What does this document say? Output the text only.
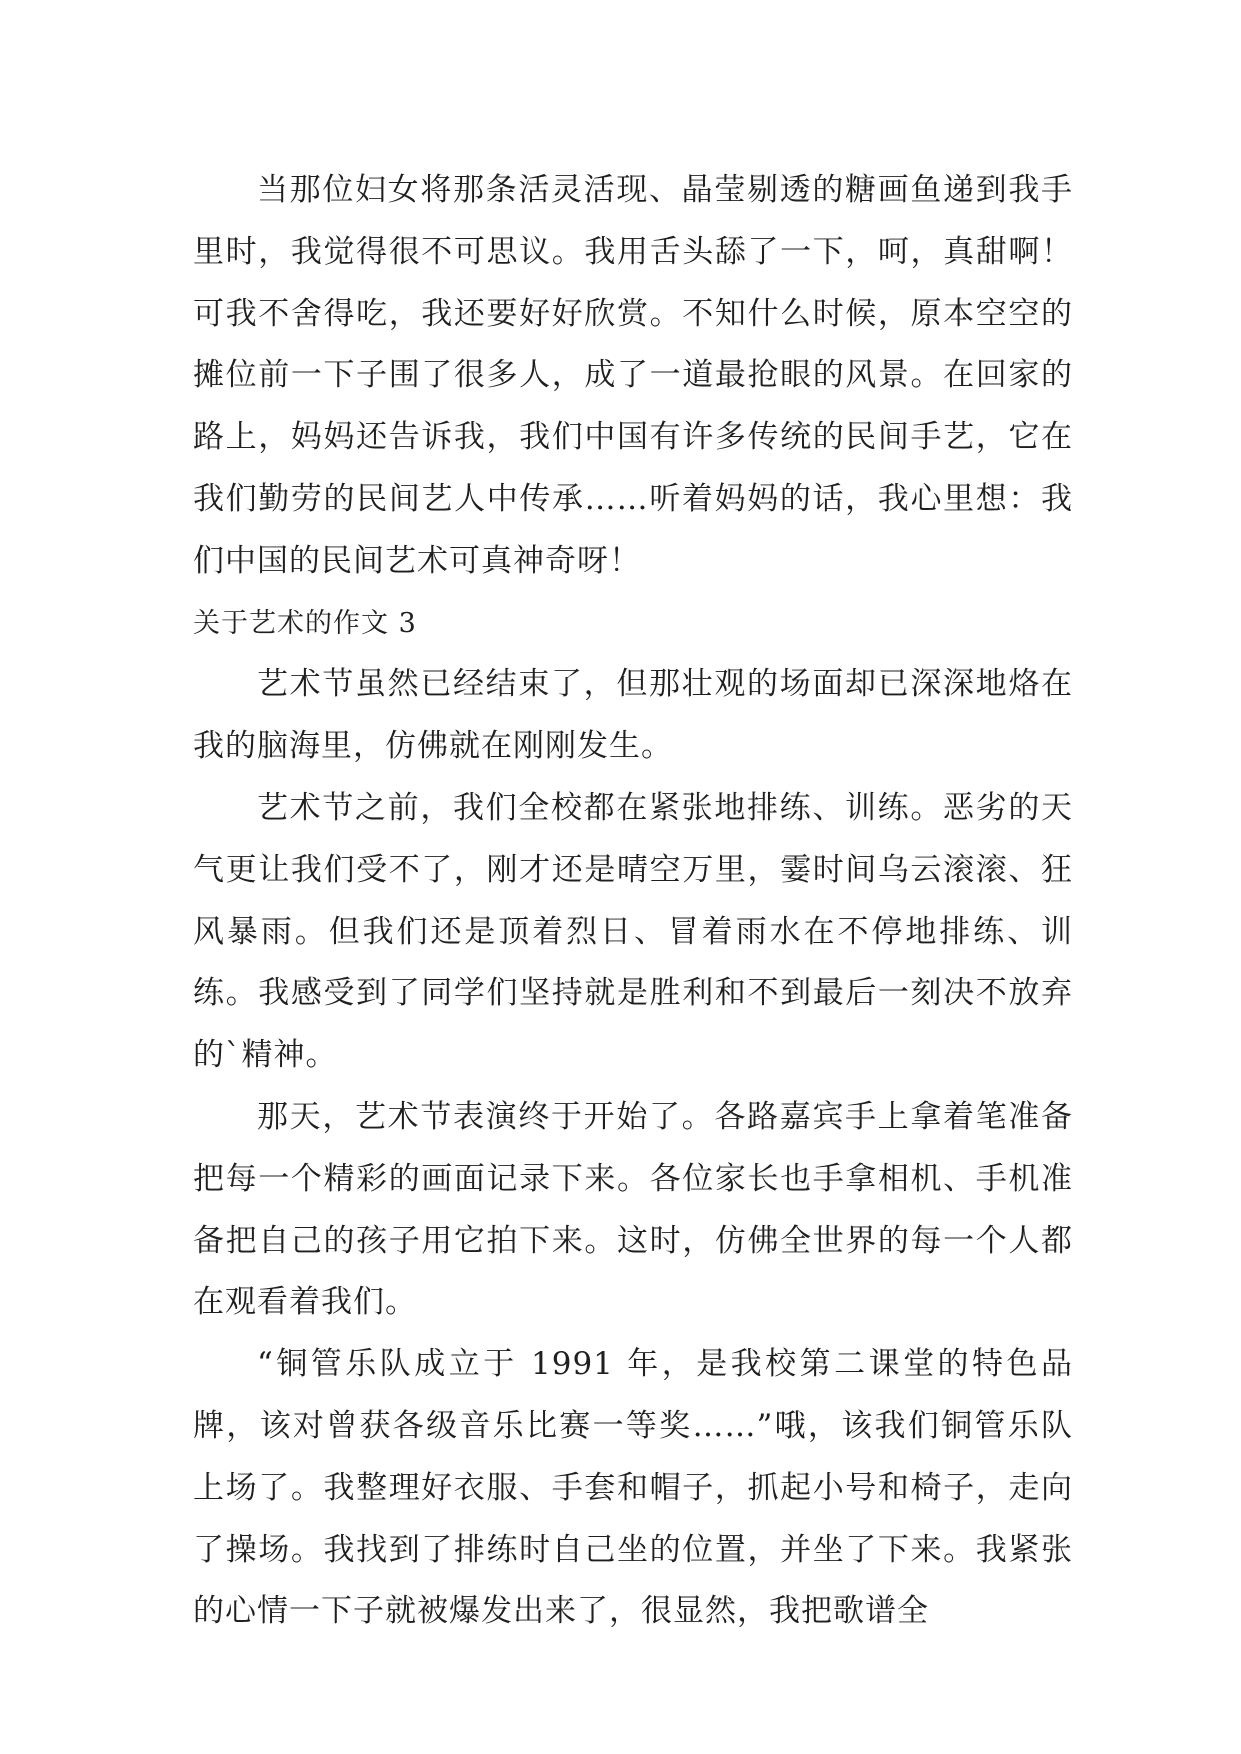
当那位妇女将那条活灵活现、晶莹剔透的糖画鱼递到我手里时，我觉得很不可思议。我用舌头舔了一下，呵，真甜啊！可我不舍得吃，我还要好好欣赏。不知什么时候，原本空空的摊位前一下子围了很多人，成了一道最抢眼的风景。在回家的路上，妈妈还告诉我，我们中国有许多传统的民间手艺，它在我们勤劳的民间艺人中传承……听着妈妈的话，我心里想：我们中国的民间艺术可真神奇呀！

关于艺术的作文 3

艺术节虽然已经结束了，但那壮观的场面却已深深地烙在我的脑海里，仿佛就在刚刚发生。

艺术节之前，我们全校都在紧张地排练、训练。恶劣的天气更让我们受不了，刚才还是晴空万里，霎时间乌云滚滚、狂风暴雨。但我们还是顶着烈日、冒着雨水在不停地排练、训练。我感受到了同学们坚持就是胜利和不到最后一刻决不放弃的`精神。

那天，艺术节表演终于开始了。各路嘉宾手上拿着笔准备把每一个精彩的画面记录下来。各位家长也手拿相机、手机准备把自己的孩子用它拍下来。这时，仿佛全世界的每一个人都在观看着我们。

“铜管乐队成立于 1991 年，是我校第二课堂的特色品牌，该对曾获各级音乐比赛一等奖……”哦，该我们铜管乐队上场了。我整理好衣服、手套和帽子，抓起小号和椅子，走向了操场。我找到了排练时自己坐的位置，并坐了下来。我紧张的心情一下子就被爆发出来了，很显然，我把歌谱全
